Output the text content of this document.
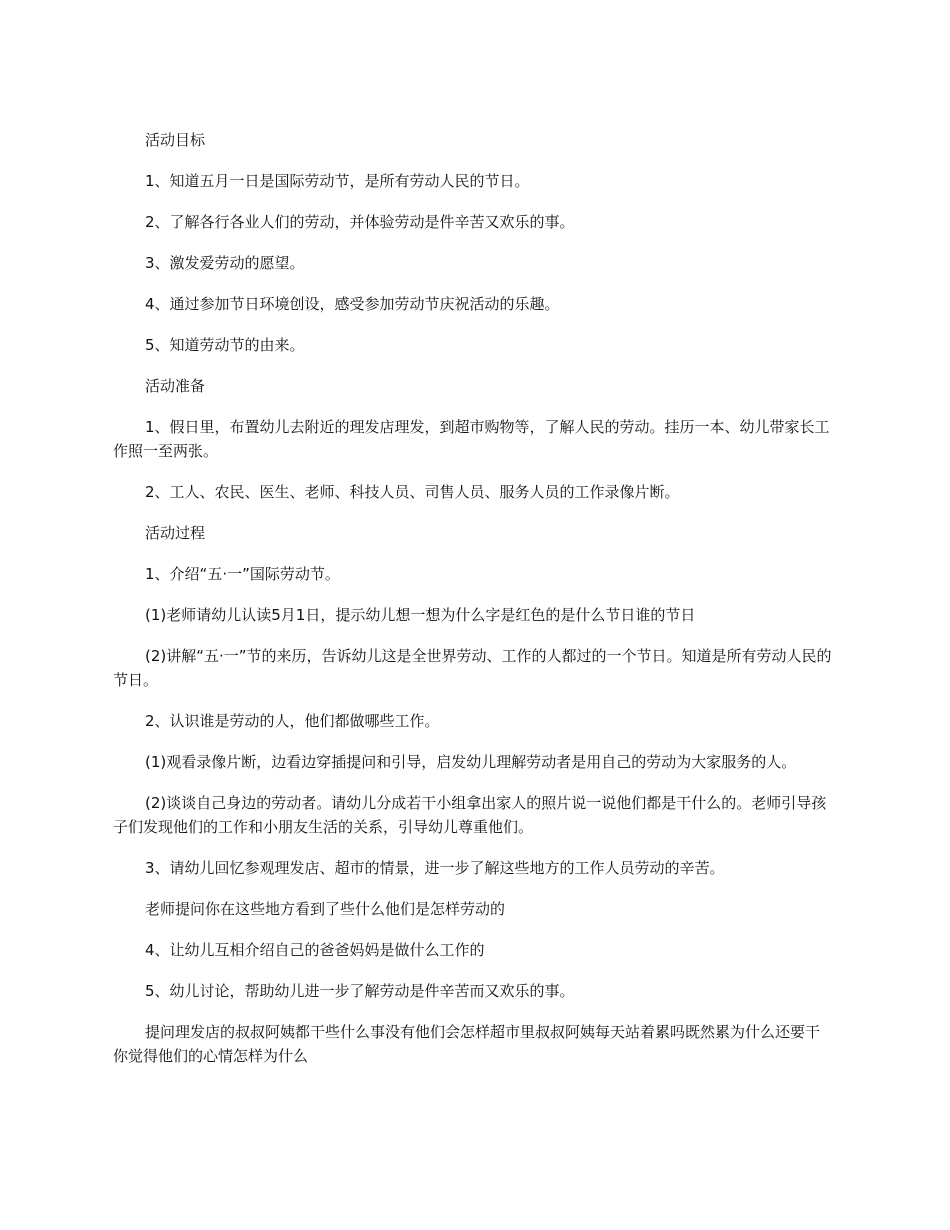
活动目标

1、知道五月一日是国际劳动节，是所有劳动人民的节日。

2、了解各行各业人们的劳动，并体验劳动是件辛苦又欢乐的事。

3、激发爱劳动的愿望。

4、通过参加节日环境创设，感受参加劳动节庆祝活动的乐趣。

5、知道劳动节的由来。

活动准备

1、假日里，布置幼儿去附近的理发店理发，到超市购物等，了解人民的劳动。挂历一本、幼儿带家长工作照一至两张。

2、工人、农民、医生、老师、科技人员、司售人员、服务人员的工作录像片断。

活动过程

1、介绍“五·一”国际劳动节。

(1)老师请幼儿认读5月1日，提示幼儿想一想为什么字是红色的是什么节日谁的节日

(2)讲解“五·一”节的来历，告诉幼儿这是全世界劳动、工作的人都过的一个节日。知道是所有劳动人民的节日。

2、认识谁是劳动的人，他们都做哪些工作。

(1)观看录像片断，边看边穿插提问和引导，启发幼儿理解劳动者是用自己的劳动为大家服务的人。

(2)谈谈自己身边的劳动者。请幼儿分成若干小组拿出家人的照片说一说他们都是干什么的。老师引导孩子们发现他们的工作和小朋友生活的关系，引导幼儿尊重他们。

3、请幼儿回忆参观理发店、超市的情景，进一步了解这些地方的工作人员劳动的辛苦。

老师提问你在这些地方看到了些什么他们是怎样劳动的

4、让幼儿互相介绍自己的爸爸妈妈是做什么工作的

5、幼儿讨论，帮助幼儿进一步了解劳动是件辛苦而又欢乐的事。

提问理发店的叔叔阿姨都干些什么事没有他们会怎样超市里叔叔阿姨每天站着累吗既然累为什么还要干你觉得他们的心情怎样为什么
